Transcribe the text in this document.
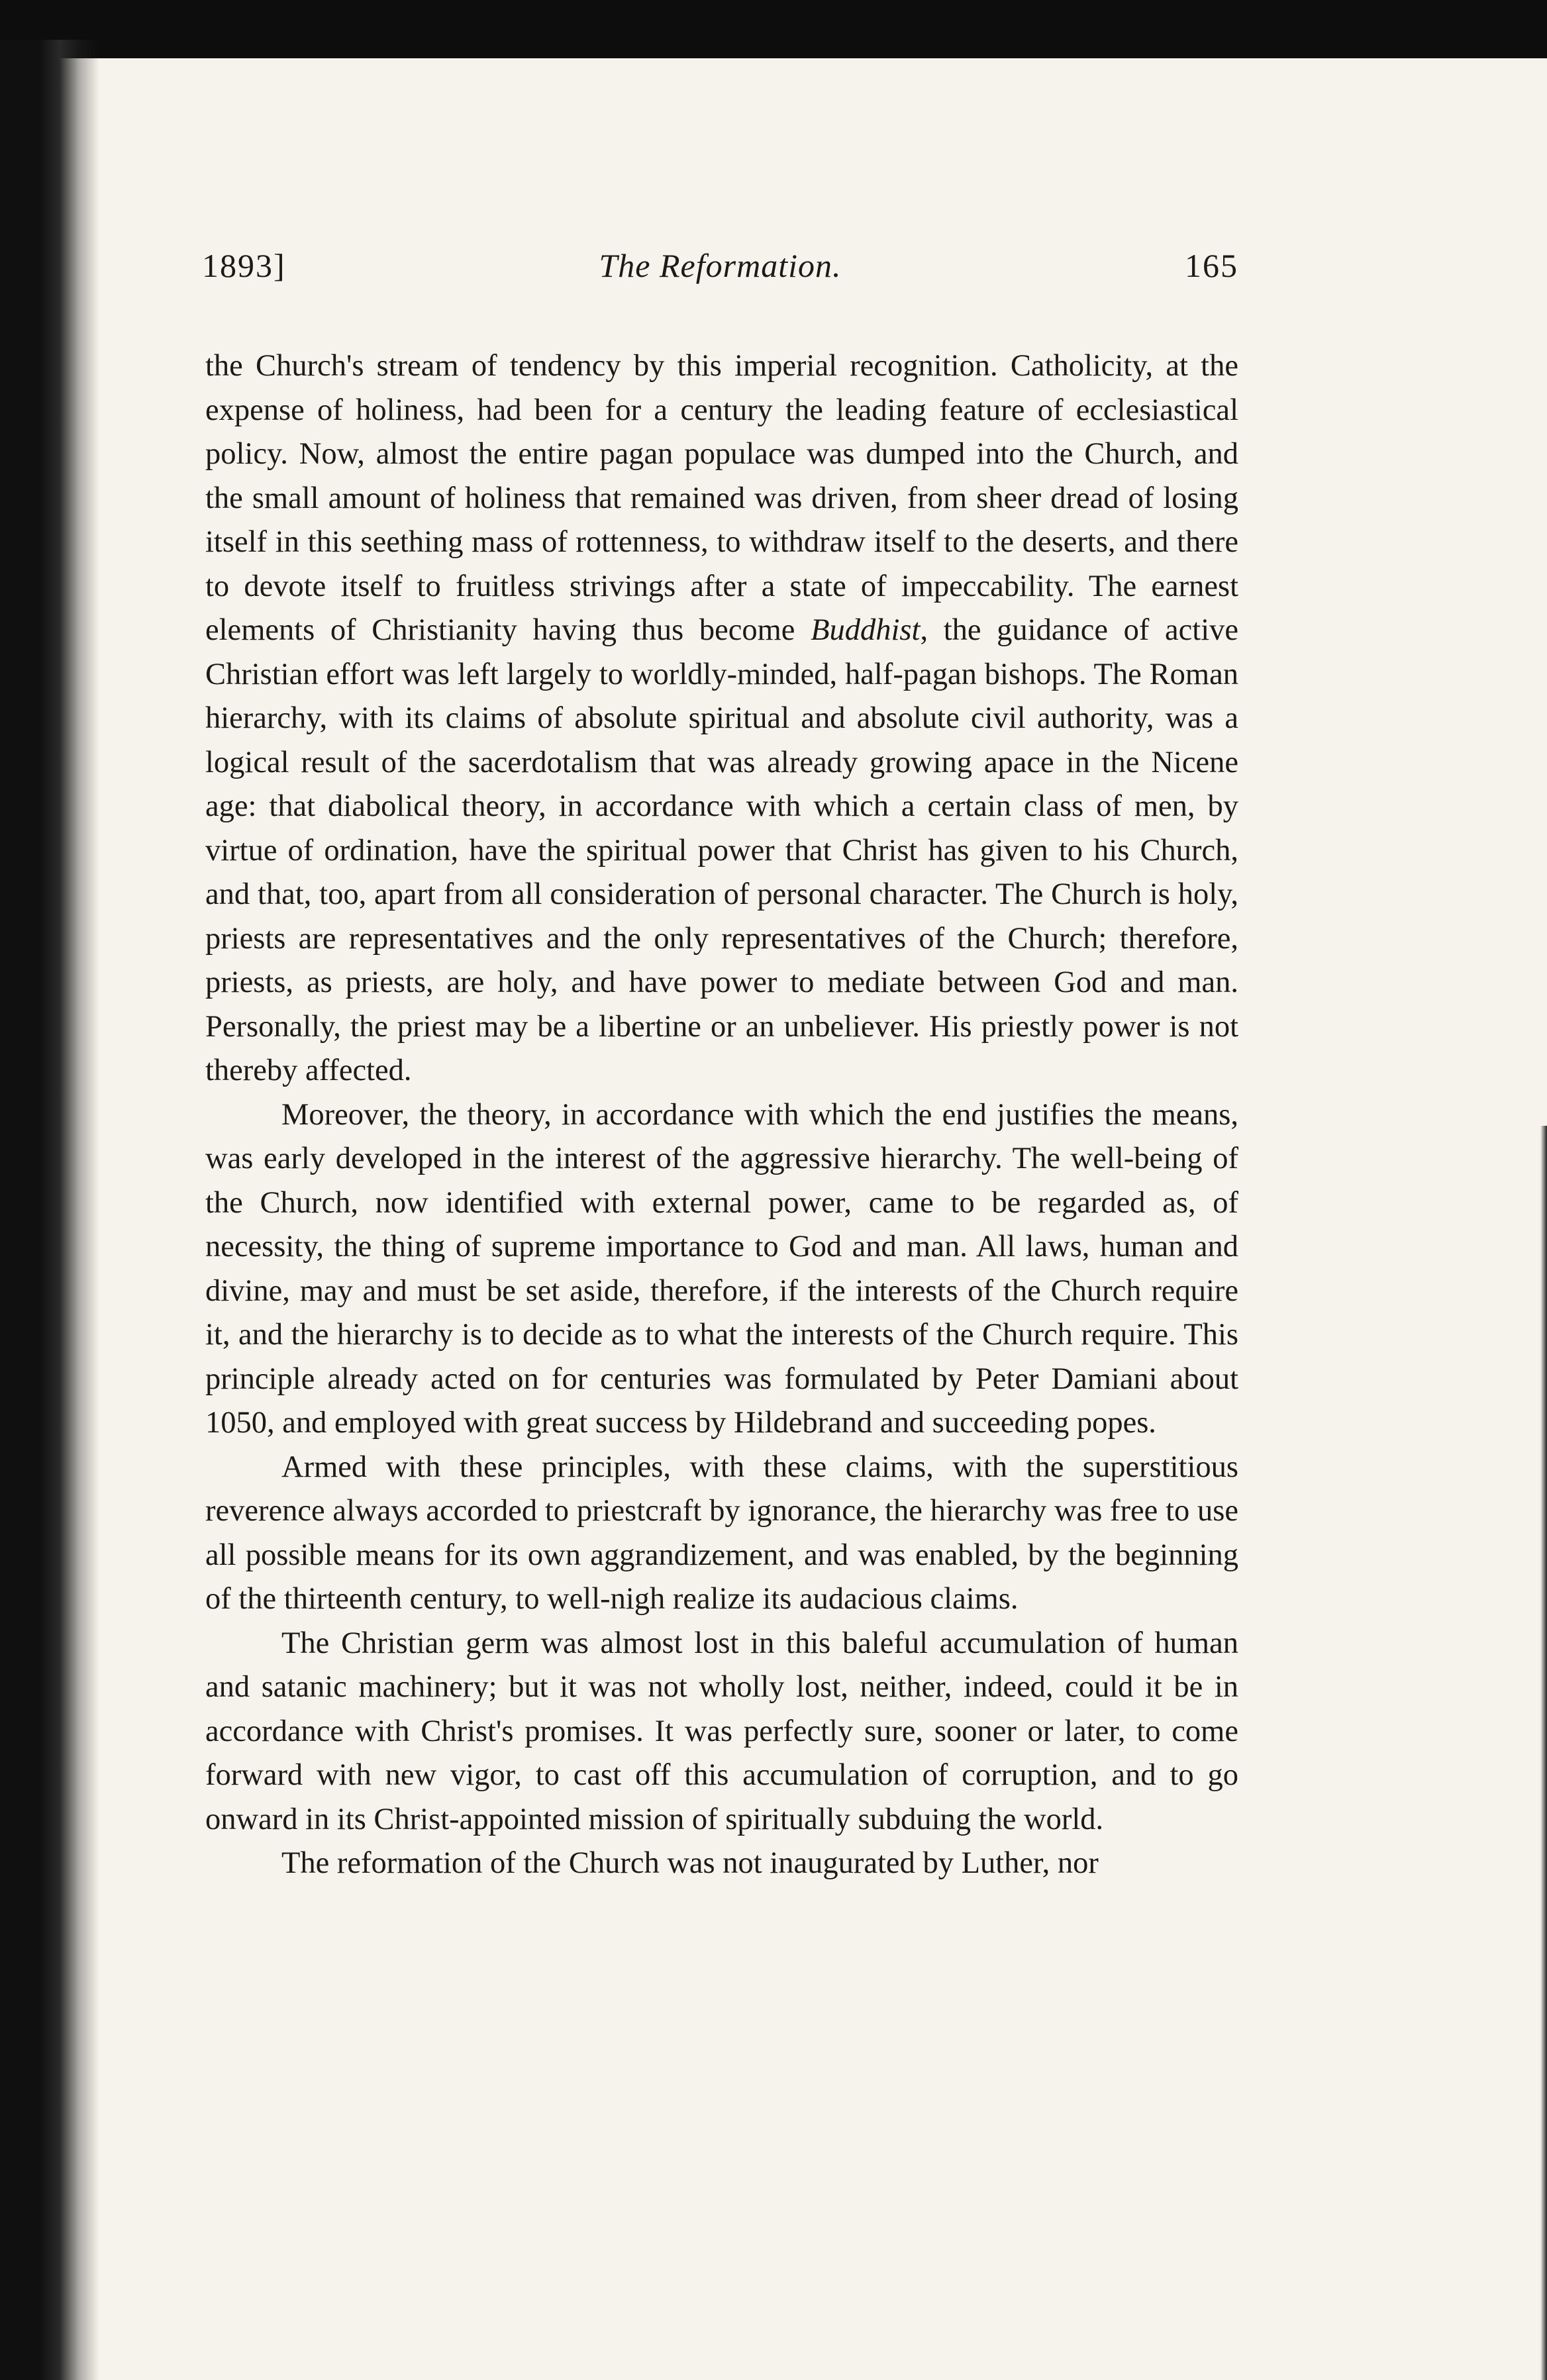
1893]	The Reformation.	165

the Church's stream of tendency by this imperial recognition. Catholicity, at the expense of holiness, had been for a century the leading feature of ecclesiastical policy. Now, almost the entire pagan populace was dumped into the Church, and the small amount of holiness that remained was driven, from sheer dread of losing itself in this seething mass of rottenness, to withdraw itself to the deserts, and there to devote itself to fruitless strivings after a state of impeccability. The earnest elements of Christianity having thus become Buddhist, the guidance of active Christian effort was left largely to worldly-minded, half-pagan bishops. The Roman hierarchy, with its claims of absolute spiritual and absolute civil authority, was a logical result of the sacerdotalism that was already growing apace in the Nicene age: that diabolical theory, in accordance with which a certain class of men, by virtue of ordination, have the spiritual power that Christ has given to his Church, and that, too, apart from all consideration of personal character. The Church is holy, priests are representatives and the only representatives of the Church; therefore, priests, as priests, are holy, and have power to mediate between God and man. Personally, the priest may be a libertine or an unbeliever. His priestly power is not thereby affected.

Moreover, the theory, in accordance with which the end justifies the means, was early developed in the interest of the aggressive hierarchy. The well-being of the Church, now identified with external power, came to be regarded as, of necessity, the thing of supreme importance to God and man. All laws, human and divine, may and must be set aside, therefore, if the interests of the Church require it, and the hierarchy is to decide as to what the interests of the Church require. This principle already acted on for centuries was formulated by Peter Damiani about 1050, and employed with great success by Hildebrand and succeeding popes.

Armed with these principles, with these claims, with the superstitious reverence always accorded to priestcraft by ignorance, the hierarchy was free to use all possible means for its own aggrandizement, and was enabled, by the beginning of the thirteenth century, to well-nigh realize its audacious claims.

The Christian germ was almost lost in this baleful accumulation of human and satanic machinery; but it was not wholly lost, neither, indeed, could it be in accordance with Christ's promises. It was perfectly sure, sooner or later, to come forward with new vigor, to cast off this accumulation of corruption, and to go onward in its Christ-appointed mission of spiritually subduing the world.

The reformation of the Church was not inaugurated by Luther, nor
